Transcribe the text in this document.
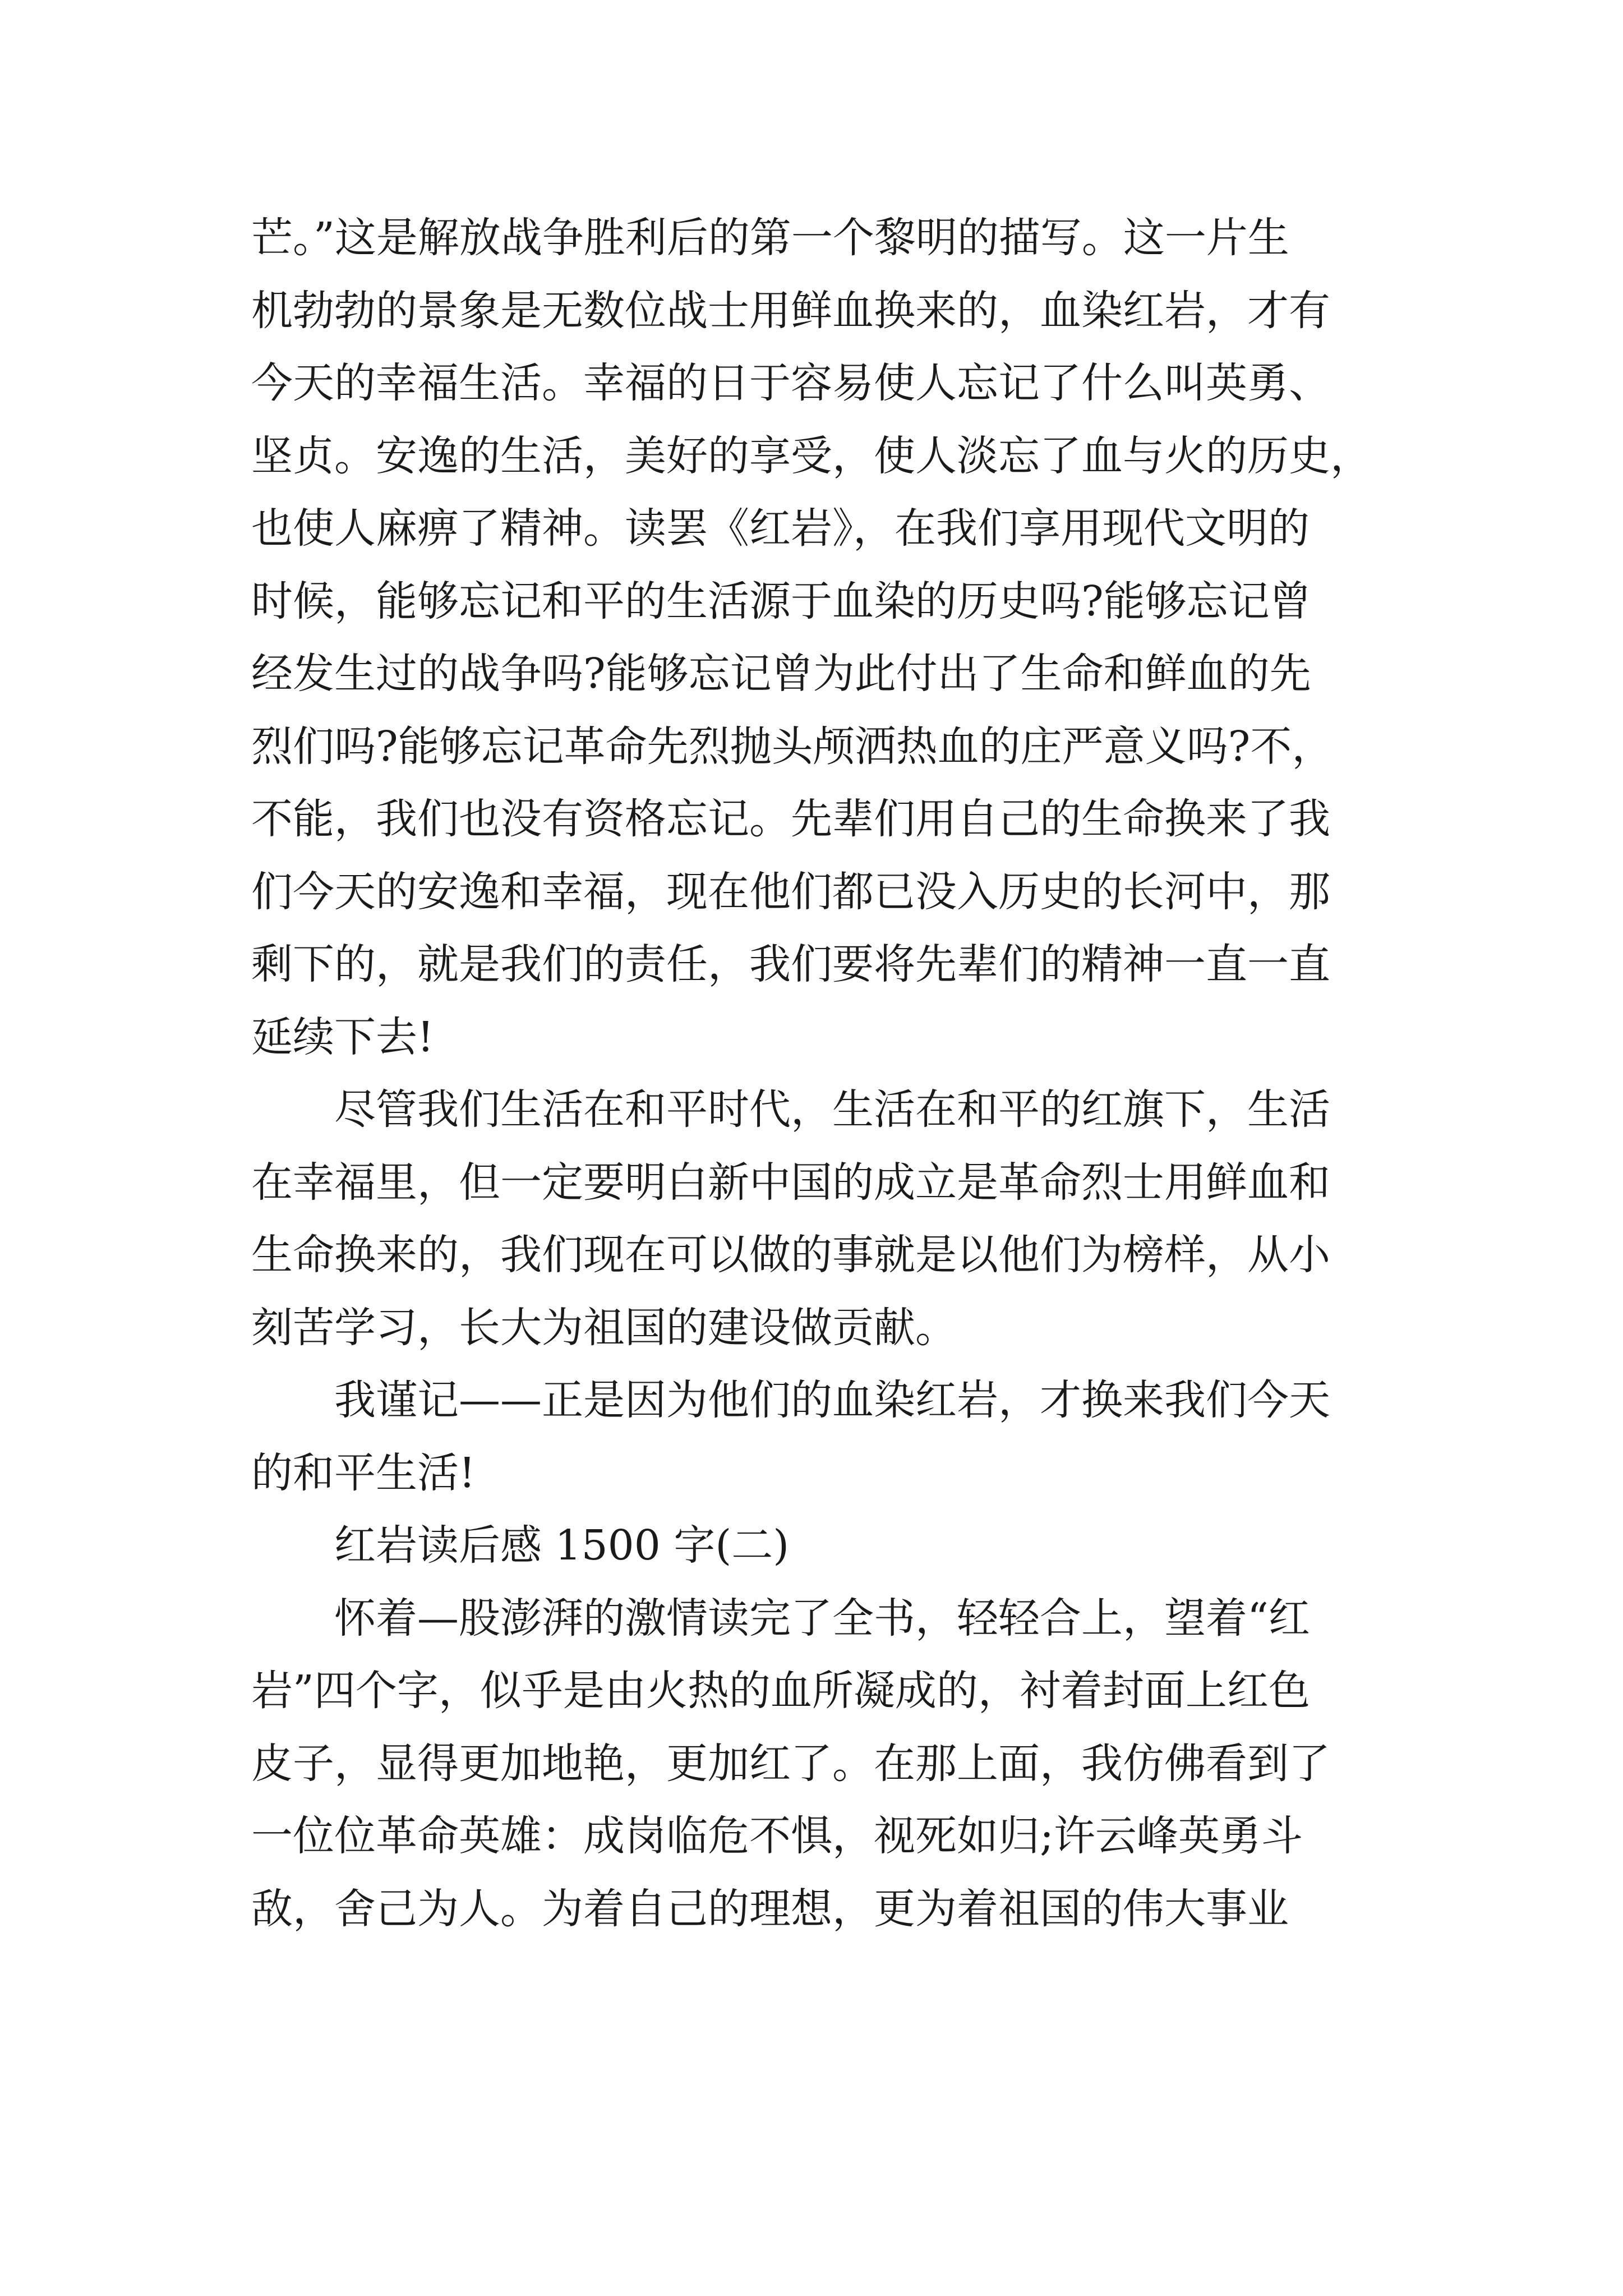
芒。”这是解放战争胜利后的第一个黎明的描写。这一片生
机勃勃的景象是无数位战士用鲜血换来的，血染红岩，才有
今天的幸福生活。幸福的日于容易使人忘记了什么叫英勇、
坚贞。安逸的生活，美好的享受，使人淡忘了血与火的历史，
也使人麻痹了精神。读罢《红岩》，在我们享用现代文明的
时候，能够忘记和平的生活源于血染的历史吗?能够忘记曾
经发生过的战争吗?能够忘记曾为此付出了生命和鲜血的先
烈们吗?能够忘记革命先烈抛头颅洒热血的庄严意义吗?不，
不能，我们也没有资格忘记。先辈们用自己的生命换来了我
们今天的安逸和幸福，现在他们都已没入历史的长河中，那
剩下的，就是我们的责任，我们要将先辈们的精神一直一直
延续下去!
尽管我们生活在和平时代，生活在和平的红旗下，生活
在幸福里，但一定要明白新中国的成立是革命烈士用鲜血和
生命换来的，我们现在可以做的事就是以他们为榜样，从小
刻苦学习，长大为祖国的建设做贡献。
我谨记——正是因为他们的血染红岩，才换来我们今天
的和平生活!
红岩读后感 1500 字(二)
怀着—股澎湃的激情读完了全书，轻轻合上，望着“红
岩”四个字，似乎是由火热的血所凝成的，衬着封面上红色
皮子，显得更加地艳，更加红了。在那上面，我仿佛看到了
一位位革命英雄：成岗临危不惧，视死如归;许云峰英勇斗
敌，舍己为人。为着自己的理想，更为着祖国的伟大事业
